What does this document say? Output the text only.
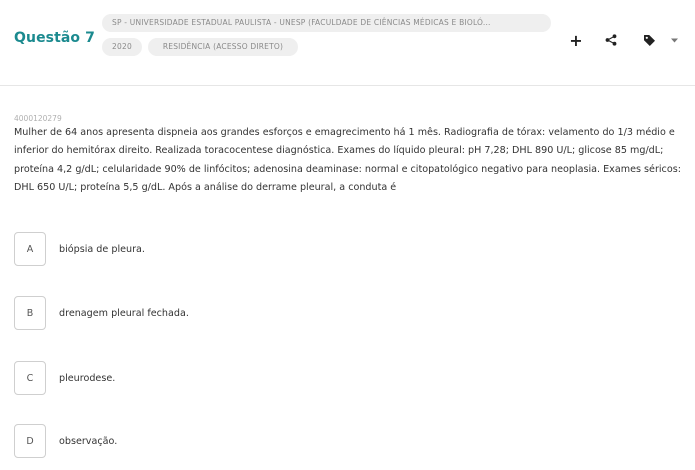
Questão 7
SP - UNIVERSIDADE ESTADUAL PAULISTA - UNESP (FACULDADE DE CIÊNCIAS MÉDICAS E BIOLÓ...
2020	RESIDÊNCIA (ACESSO DIRETO)	+
4000120279
Mulher de 64 anos apresenta dispneia aos grandes esforços e emagrecimento há 1 mês. Radiografia de tórax: velamento do 1/3 médio e inferior do hemitórax direito. Realizada toracocentese diagnóstica. Exames do líquido pleural: pH 7,28; DHL 890 U/L; glicose 85 mg/dL; proteína 4,2 g/dL; celularidade 90% de linfócitos; adenosina deaminase: normal e citopatológico negativo para neoplasia. Exames séricos: DHL 650 U/L; proteína 5,5 g/dL. Após a análise do derrame pleural, a conduta é
A	biópsia de pleura.
B	drenagem pleural fechada.
C	pleurodese.
D	observação.
